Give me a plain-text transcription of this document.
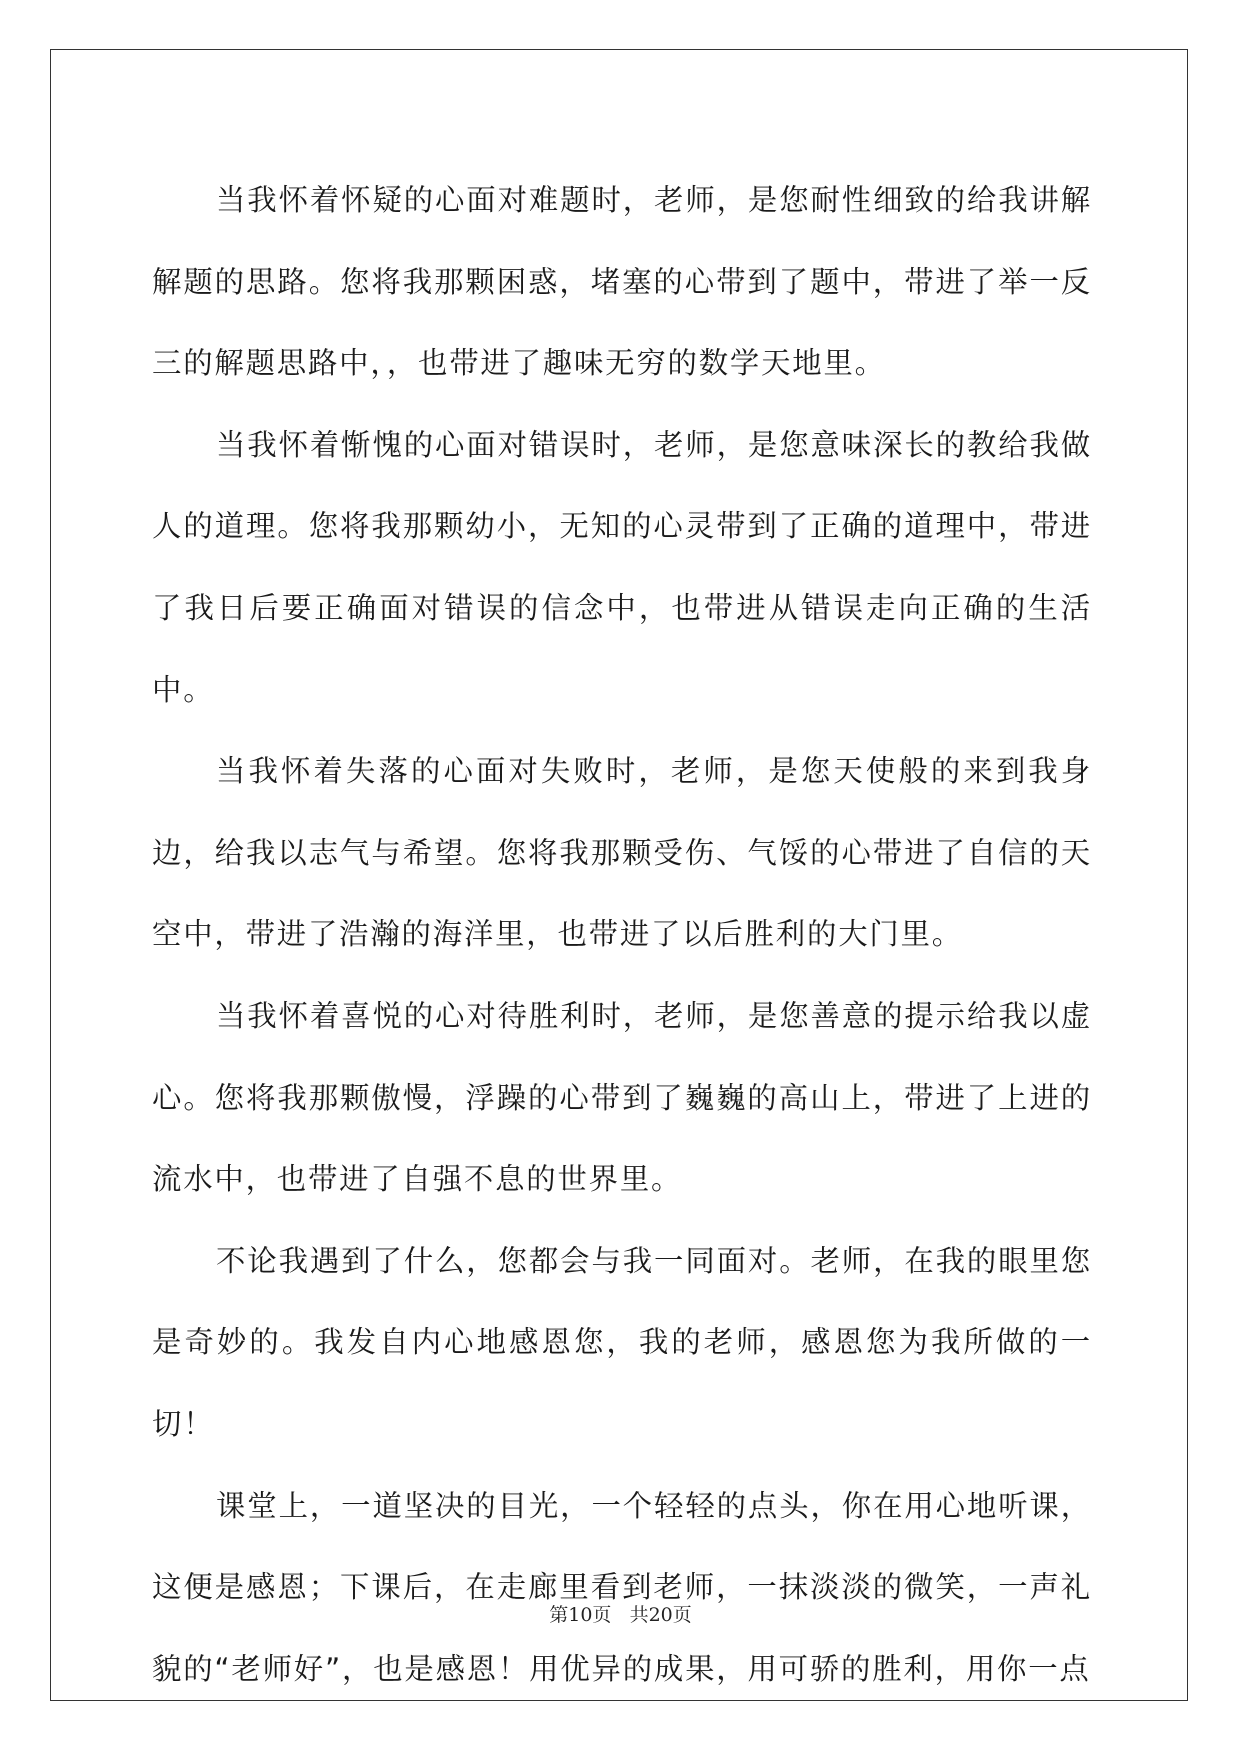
当我怀着怀疑的心面对难题时，老师，是您耐性细致的给我讲解解题的思路。您将我那颗困惑，堵塞的心带到了题中，带进了举一反三的解题思路中，，也带进了趣味无穷的数学天地里。

当我怀着惭愧的心面对错误时，老师，是您意味深长的教给我做人的道理。您将我那颗幼小，无知的心灵带到了正确的道理中，带进了我日后要正确面对错误的信念中，也带进从错误走向正确的生活中。

当我怀着失落的心面对失败时，老师，是您天使般的来到我身边，给我以志气与希望。您将我那颗受伤、气馁的心带进了自信的天空中，带进了浩瀚的海洋里，也带进了以后胜利的大门里。

当我怀着喜悦的心对待胜利时，老师，是您善意的提示给我以虚心。您将我那颗傲慢，浮躁的心带到了巍巍的高山上，带进了上进的流水中，也带进了自强不息的世界里。

不论我遇到了什么，您都会与我一同面对。老师，在我的眼里您是奇妙的。我发自内心地感恩您，我的老师，感恩您为我所做的一切！

课堂上，一道坚决的目光，一个轻轻的点头，你在用心地听课，这便是感恩；下课后，在走廊里看到老师，一抹淡淡的微笑，一声礼貌的“老师好”，也是感恩！用优异的成果，用可骄的胜利，用你一点

第10页 共20页
